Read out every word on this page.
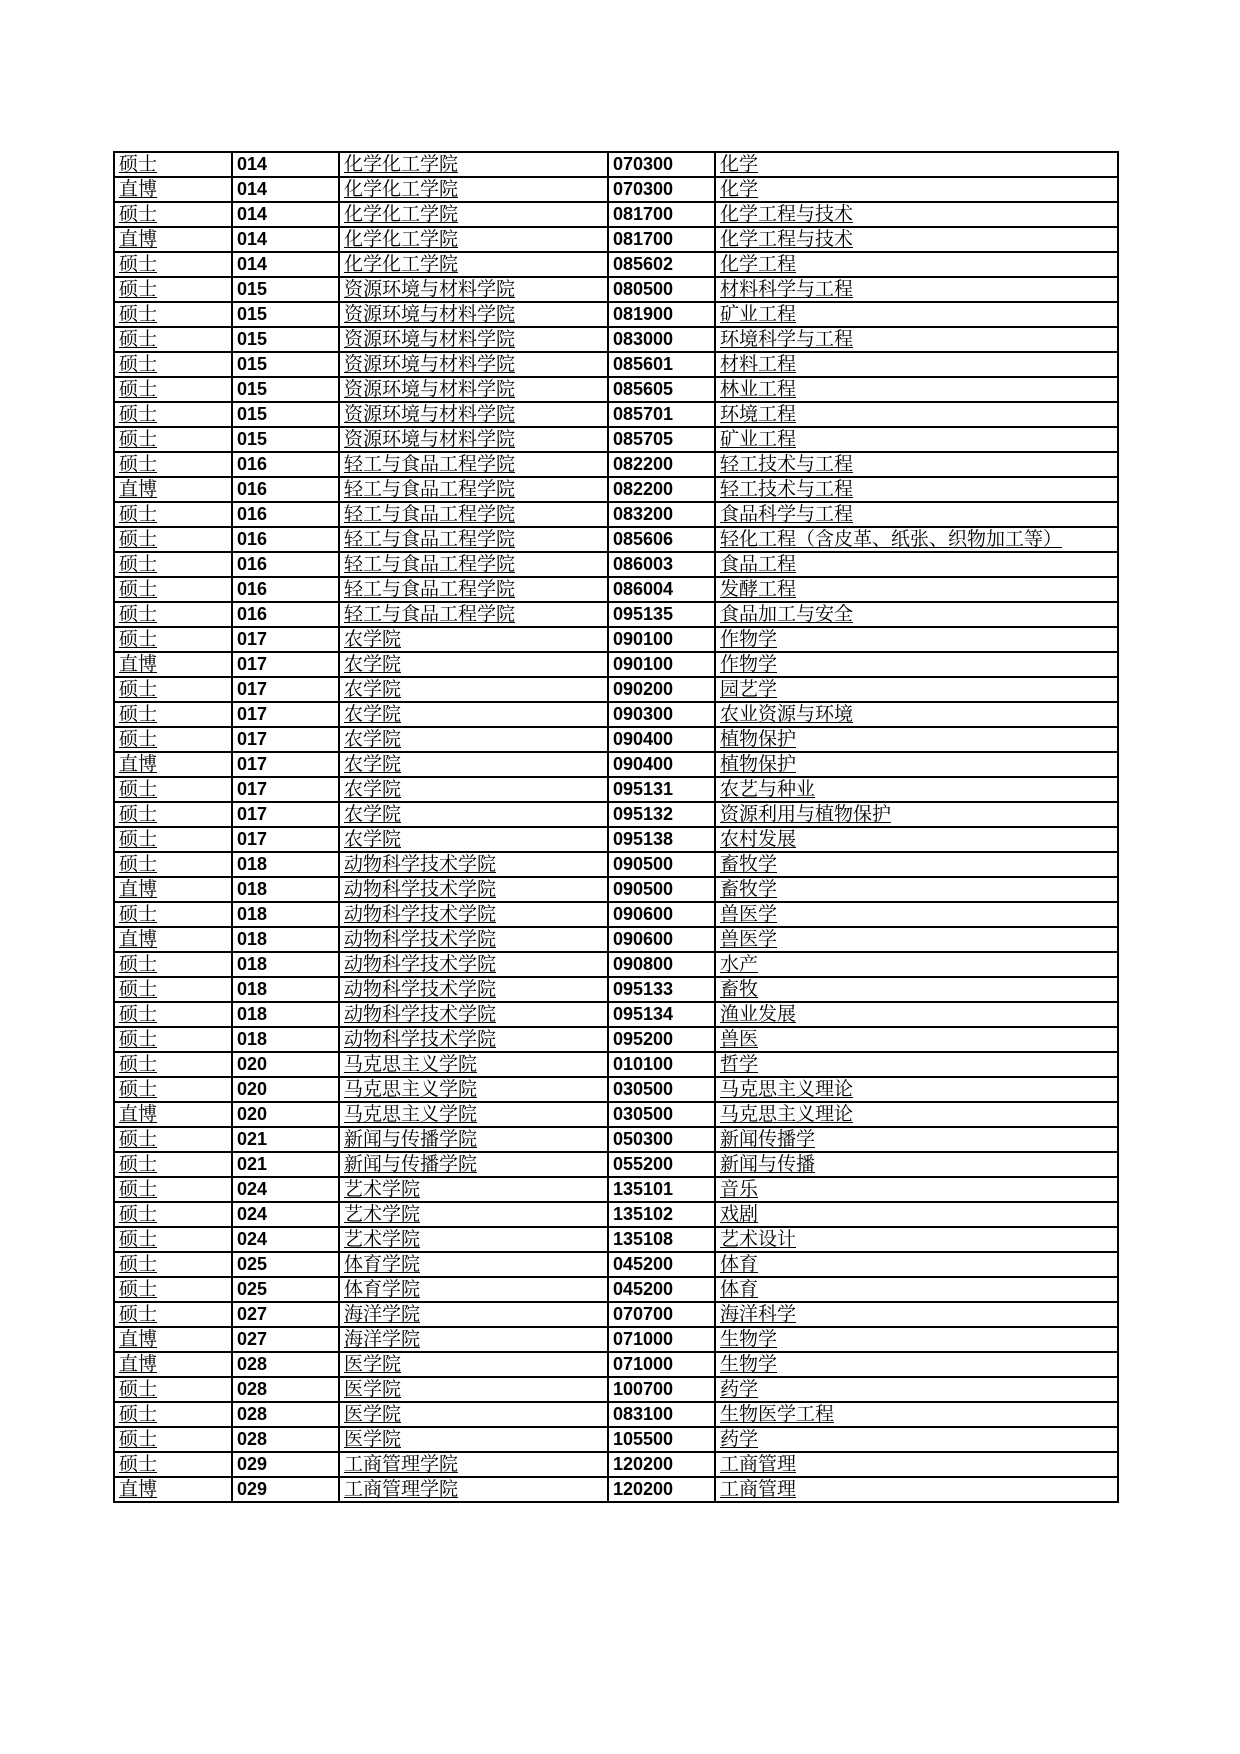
硕士	014	化学化工学院	070300	化学
直博	014	化学化工学院	070300	化学
硕士	014	化学化工学院	081700	化学工程与技术
直博	014	化学化工学院	081700	化学工程与技术
硕士	014	化学化工学院	085602	化学工程
硕士	015	资源环境与材料学院	080500	材料科学与工程
硕士	015	资源环境与材料学院	081900	矿业工程
硕士	015	资源环境与材料学院	083000	环境科学与工程
硕士	015	资源环境与材料学院	085601	材料工程
硕士	015	资源环境与材料学院	085605	林业工程
硕士	015	资源环境与材料学院	085701	环境工程
硕士	015	资源环境与材料学院	085705	矿业工程
硕士	016	轻工与食品工程学院	082200	轻工技术与工程
直博	016	轻工与食品工程学院	082200	轻工技术与工程
硕士	016	轻工与食品工程学院	083200	食品科学与工程
硕士	016	轻工与食品工程学院	085606	轻化工程（含皮革、纸张、织物加工等）
硕士	016	轻工与食品工程学院	086003	食品工程
硕士	016	轻工与食品工程学院	086004	发酵工程
硕士	016	轻工与食品工程学院	095135	食品加工与安全
硕士	017	农学院	090100	作物学
直博	017	农学院	090100	作物学
硕士	017	农学院	090200	园艺学
硕士	017	农学院	090300	农业资源与环境
硕士	017	农学院	090400	植物保护
直博	017	农学院	090400	植物保护
硕士	017	农学院	095131	农艺与种业
硕士	017	农学院	095132	资源利用与植物保护
硕士	017	农学院	095138	农村发展
硕士	018	动物科学技术学院	090500	畜牧学
直博	018	动物科学技术学院	090500	畜牧学
硕士	018	动物科学技术学院	090600	兽医学
直博	018	动物科学技术学院	090600	兽医学
硕士	018	动物科学技术学院	090800	水产
硕士	018	动物科学技术学院	095133	畜牧
硕士	018	动物科学技术学院	095134	渔业发展
硕士	018	动物科学技术学院	095200	兽医
硕士	020	马克思主义学院	010100	哲学
硕士	020	马克思主义学院	030500	马克思主义理论
直博	020	马克思主义学院	030500	马克思主义理论
硕士	021	新闻与传播学院	050300	新闻传播学
硕士	021	新闻与传播学院	055200	新闻与传播
硕士	024	艺术学院	135101	音乐
硕士	024	艺术学院	135102	戏剧
硕士	024	艺术学院	135108	艺术设计
硕士	025	体育学院	045200	体育
硕士	025	体育学院	045200	体育
硕士	027	海洋学院	070700	海洋科学
直博	027	海洋学院	071000	生物学
直博	028	医学院	071000	生物学
硕士	028	医学院	100700	药学
硕士	028	医学院	083100	生物医学工程
硕士	028	医学院	105500	药学
硕士	029	工商管理学院	120200	工商管理
直博	029	工商管理学院	120200	工商管理
